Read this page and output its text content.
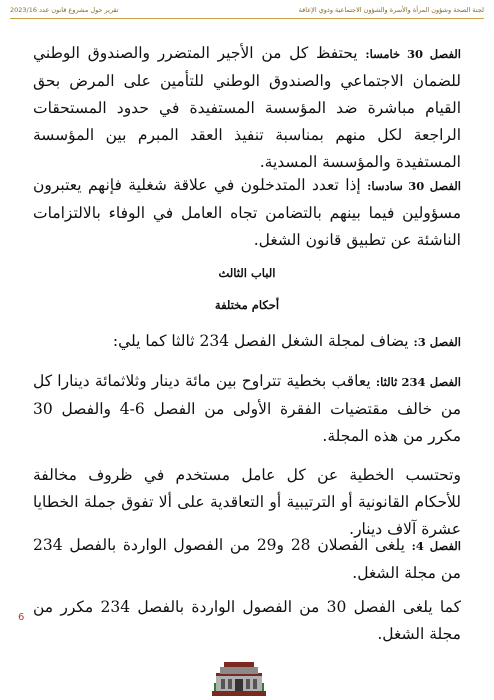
لجنة الصحة وشؤون المرأة والأسرة والشؤون الاجتماعية وذوي الإعاقة
تقرير حول مشروع قانون عدد 2023/16
الفصل 30 خامسا: يحتفظ كل من الأجير المتضرر والصندوق الوطني للضمان الاجتماعي والصندوق الوطني للتأمين على المرض بحق القيام مباشرة ضد المؤسسة المستفيدة في حدود المستحقات الراجعة لكل منهم بمناسبة تنفيذ العقد المبرم بين المؤسسة المستفيدة والمؤسسة المسدية.
الفصل 30 سادسا: إذا تعدد المتدخلون في علاقة شغلية فإنهم يعتبرون مسؤولين فيما بينهم بالتضامن تجاه العامل في الوفاء بالالتزامات الناشئة عن تطبيق قانون الشغل.
الباب الثالث
أحكام مختلفة
الفصل 3: يضاف لمجلة الشغل الفصل 234 ثالثا كما يلي:
الفصل 234 ثالثا: يعاقب بخطية تتراوح بين مائة دينار وثلاثمائة دينارا كل من خالف مقتضيات الفقرة الأولى من الفصل 6-4 والفصل 30 مكرر من هذه المجلة.
وتحتسب الخطية عن كل عامل مستخدم في ظروف مخالفة للأحكام القانونية أو الترتيبية أو التعاقدية على ألا تفوق جملة الخطايا عشرة آلاف دينار.
الفصل 4: يلغى الفصلان 28 و29 من الفصول الواردة بالفصل 234 من مجلة الشغل.
كما يلغى الفصل 30 من الفصول الواردة بالفصل 234 مكرر من مجلة الشغل.
6
